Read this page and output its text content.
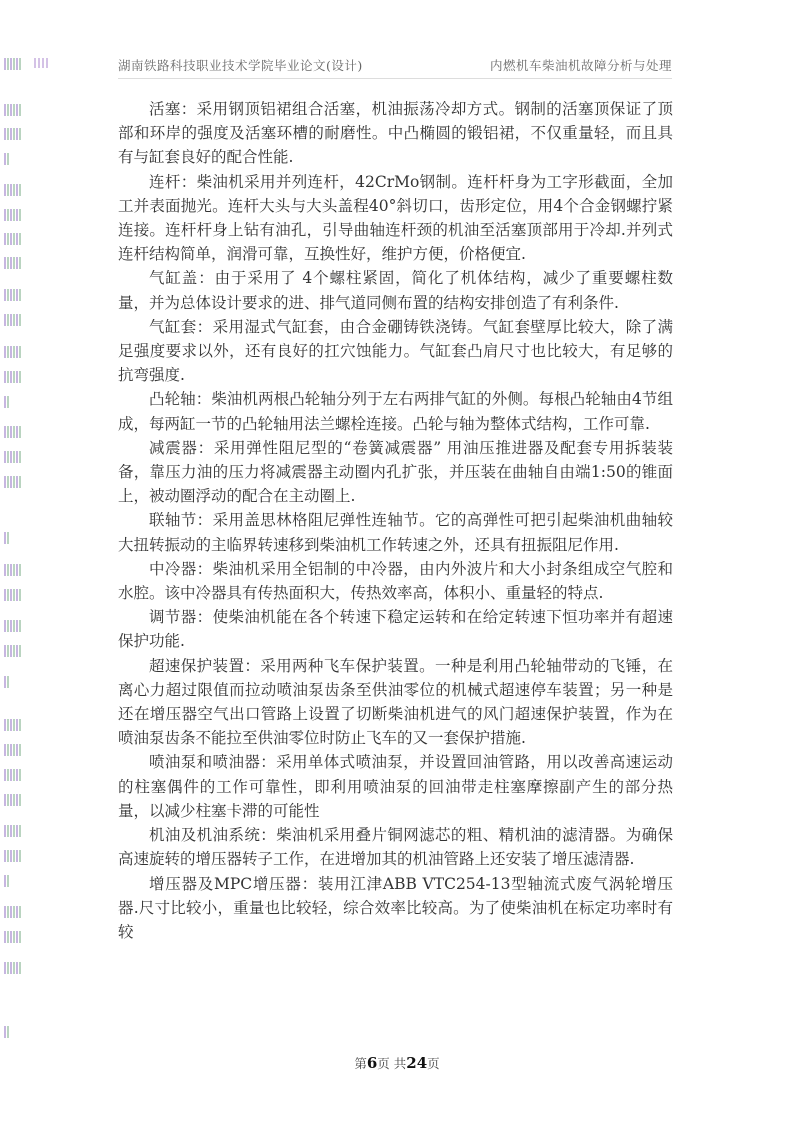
湖南铁路科技职业技术学院毕业论文(设计)	内燃机车柴油机故障分析与处理

活塞：采用钢顶铝裙组合活塞，机油振荡冷却方式。钢制的活塞顶保证了顶部和环岸的强度及活塞环槽的耐磨性。中凸椭圆的锻铝裙，不仅重量轻，而且具有与缸套良好的配合性能.

连杆：柴油机采用并列连杆，42CrMo钢制。连杆杆身为工字形截面，全加工并表面抛光。连杆大头与大头盖程40°斜切口，齿形定位，用4个合金钢螺拧紧连接。连杆杆身上钻有油孔，引导曲轴连杆颈的机油至活塞顶部用于冷却.并列式连杆结构简单，润滑可靠，互换性好，维护方便，价格便宜.

气缸盖：由于采用了 4个螺柱紧固，简化了机体结构，减少了重要螺柱数量，并为总体设计要求的进、排气道同侧布置的结构安排创造了有利条件.

气缸套：采用湿式气缸套，由合金硼铸铁浇铸。气缸套壁厚比较大，除了满足强度要求以外，还有良好的扛穴蚀能力。气缸套凸肩尺寸也比较大，有足够的抗弯强度.

凸轮轴：柴油机两根凸轮轴分列于左右两排气缸的外侧。每根凸轮轴由4节组成，每两缸一节的凸轮轴用法兰螺栓连接。凸轮与轴为整体式结构，工作可靠.

减震器：采用弹性阻尼型的“卷簧减震器” 用油压推进器及配套专用拆装装备，靠压力油的压力将减震器主动圈内孔扩张，并压装在曲轴自由端1:50的锥面上，被动圈浮动的配合在主动圈上.

联轴节：采用盖思林格阻尼弹性连轴节。它的高弹性可把引起柴油机曲轴较大扭转振动的主临界转速移到柴油机工作转速之外，还具有扭振阻尼作用.

中冷器：柴油机采用全铝制的中冷器，由内外波片和大小封条组成空气腔和水腔。该中冷器具有传热面积大，传热效率高，体积小、重量轻的特点.

调节器：使柴油机能在各个转速下稳定运转和在给定转速下恒功率并有超速保护功能.

超速保护装置：采用两种飞车保护装置。一种是利用凸轮轴带动的飞锤，在离心力超过限值而拉动喷油泵齿条至供油零位的机械式超速停车装置；另一种是还在增压器空气出口管路上设置了切断柴油机进气的风门超速保护装置，作为在喷油泵齿条不能拉至供油零位时防止飞车的又一套保护措施.

喷油泵和喷油器：采用单体式喷油泵，并设置回油管路，用以改善高速运动的柱塞偶件的工作可靠性，即利用喷油泵的回油带走柱塞摩擦副产生的部分热量，以减少柱塞卡滞的可能性

机油及机油系统：柴油机采用叠片铜网滤芯的粗、精机油的滤清器。为确保高速旋转的增压器转子工作，在进增加其的机油管路上还安装了增压滤清器.

增压器及MPC增压器：装用江津ABB VTC254-13型轴流式废气涡轮增压器.尺寸比较小，重量也比较轻，综合效率比较高。为了使柴油机在标定功率时有较

第6页 共24页
